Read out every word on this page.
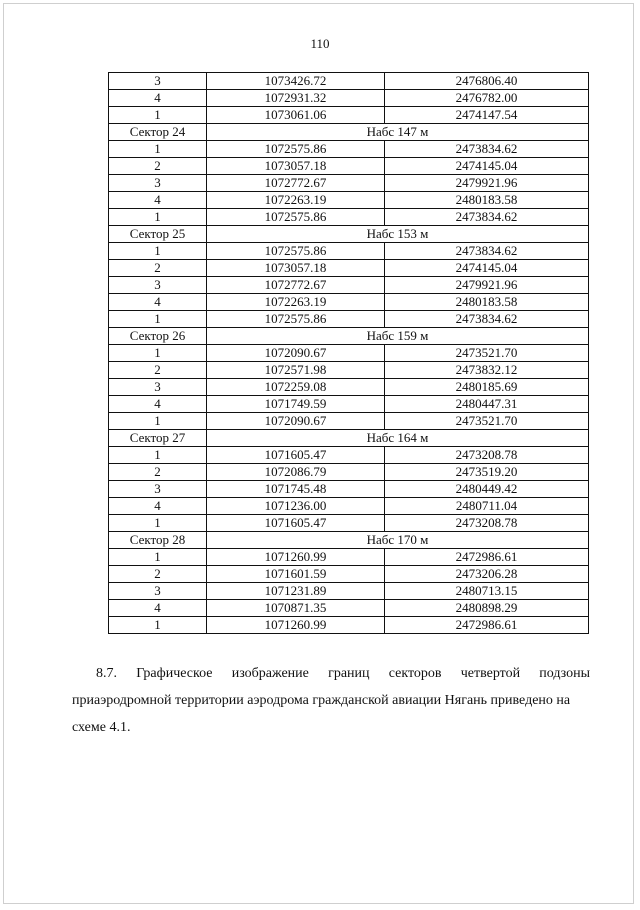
110
3	1073426.72	2476806.40
4	1072931.32	2476782.00
1	1073061.06	2474147.54
Сектор 24	Набс 147 м	
1	1072575.86	2473834.62
2	1073057.18	2474145.04
3	1072772.67	2479921.96
4	1072263.19	2480183.58
1	1072575.86	2473834.62
Сектор 25	Набс 153 м	
1	1072575.86	2473834.62
2	1073057.18	2474145.04
3	1072772.67	2479921.96
4	1072263.19	2480183.58
1	1072575.86	2473834.62
Сектор 26	Набс 159 м	
1	1072090.67	2473521.70
2	1072571.98	2473832.12
3	1072259.08	2480185.69
4	1071749.59	2480447.31
1	1072090.67	2473521.70
Сектор 27	Набс 164 м	
1	1071605.47	2473208.78
2	1072086.79	2473519.20
3	1071745.48	2480449.42
4	1071236.00	2480711.04
1	1071605.47	2473208.78
Сектор 28	Набс 170 м	
1	1071260.99	2472986.61
2	1071601.59	2473206.28
3	1071231.89	2480713.15
4	1070871.35	2480898.29
1	1071260.99	2472986.61
8.7. Графическое изображение границ секторов четвертой подзоны
приаэродромной территории аэродрома гражданской авиации Нягань приведено на
схеме 4.1.
